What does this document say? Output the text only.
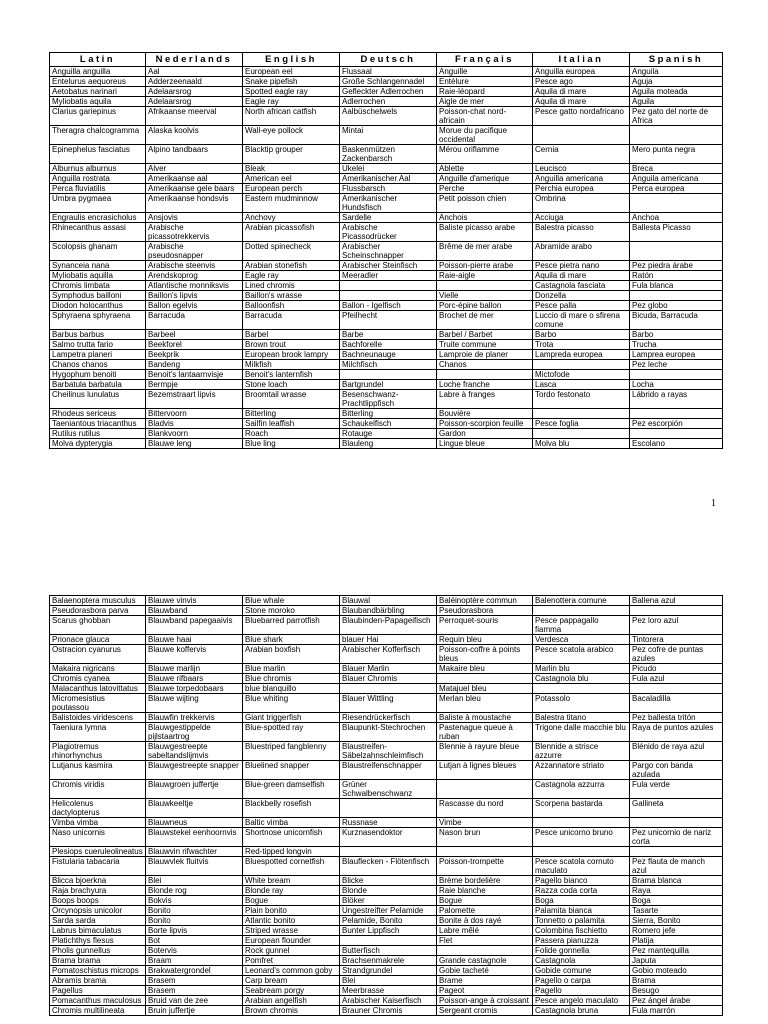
Latin	Nederlands	English	Deutsch	Français	Italian	Spanish
Anguilla anguilla	Aal	European eel	Flussaal	Anguille	Anguilla europea	Anguila
Entelurus aequoreus	Adderzeenaald	Snake pipefish	Große Schlangennadel	Entélure	Pesce ago	Aguja
Aetobatus narinari	Adelaarsrog	Spotted eagle ray	Gefleckter Adlerrochen	Raie-léopard	Aquila di mare	Aguila moteada
Myliobatis aquila	Adelaarsrog	Eagle ray	Adlerrochen	Aigle de mer	Aquila di mare	Aguila
Clarius gariepinus	Afrikaanse meerval	North african catfish	Aalbüschelwels	Poisson-chat nord- africain	Pesce gatto nordafricano	Pez gato del norte de Africa
Theragra chalcogramma	Alaska koolvis	Wall-eye pollock	Mintai	Morue du pacifique occidental		
Epinephelus fasciatus	Alpino tandbaars	Blacktip grouper	Baskenmützen Zackenbarsch	Mérou oriflamme	Cernia	Mero punta negra
Alburnus alburnus	Alver	Bleak	Ukelei	Ablette	Leucisco	Breca
Anguilla rostrata	Amerikaanse aal	American eel	Amerikanischer Aal	Anguille d'amerique	Anguilla americana	Anguila americana
Perca fluviatilis	Amerikaanse gele baars	European perch	Flussbarsch	Perche	Perchia europea	Perca europea
Umbra pygmaea	Amerikaanse hondsvis	Eastern mudminnow	Amerikanischer Hundsfisch	Petit poisson chien	Ombrina	
Engraulis encrasicholus	Ansjovis	Anchovy	Sardelle	Anchois	Acciuga	Anchoa
Rhinecanthus assasi	Arabische picassotrekkervis	Arabian picassofish	Arabische Picassodrücker	Baliste picasso arabe	Balestra picasso	Ballesta Picasso
Scolopsis ghanam	Arabische pseudosnapper	Dotted spinecheck	Arabischer Scheinschnapper	Brême de mer arabe	Abramide arabo	
Synanceia nana	Arabische steenvis	Arabian stonefish	Arabischer Steinfisch	Poisson-pierre arabe	Pesce pietra nano	Pez piedra árabe
Myliobatis aquilla	Arendskoprog	Eagle ray	Meeradler	Raie-aigle	Aquila di mare	Ratón
Chromis limbata	Atlantische monniksvis	Lined chromis			Castagnola fasciata	Fula blanca
Symphodus bailloni	Baillon's lipvis	Baillon's wrasse		Vielle	Donzella	
Diodon holocanthus	Ballon egelvis	Balloonfish	Ballon - Igelfisch	Porc-épine ballon	Pesce palla	Pez globo
Sphyraena sphyraena	Barracuda	Barracuda	Pfeilhecht	Brochet de mer	Luccio di mare o sfirena comune	Bicuda, Barracuda
Barbus barbus	Barbeel	Barbel	Barbe	Barbel / Barbet	Barbo	Barbo
Salmo trutta fario	Beekforel	Brown trout	Bachforelle	Truite commune	Trota	Trucha
Lampetra planeri	Beekprik	European brook lampry	Bachneunauge	Lamproie de planer	Lampreda europea	Lamprea europea
Chanos chanos	Bandeng	Milkfish	Milchfisch	Chanos		Pez leche
Hygophum benoiti	Benoit's lantaarnvisje	Benoit's lanternfish			Mictofode	
Barbatula barbatula	Bermpje	Stone loach	Bartgrundel	Loche franche	Lasca	Locha
Cheilinus lunulatus	Bezemstraart lipvis	Broomtail wrasse	Besenschwanz- Prachtlippfisch	Labre à franges	Tordo festonato	Lábrido a rayas
Rhodeus sericeus	Bittervoorn	Bitterling	Bitterling	Bouvière		
Taeniantous triacanthus	Bladvis	Sailfin leaffish	Schaukelfisch	Poisson-scorpion feuille	Pesce foglia	Pez escorpión
Rutilus rutilus	Blankvoorn	Roach	Rotauge	Gardon		
Molva dypterygia	Blauwe leng	Blue ling	Blauleng	Lingue bleue	Molva blu	Escolano
1
Balaenoptera musculus	Blauwe vinvis	Blue whale	Blauwal	Baléinoptère commun	Balenottera comune	Ballena azul
Pseudorasbora parva	Blauwband	Stone moroko	Blaubandbärbling	Pseudorasbora		
Scarus ghobban	Blauwband papegaaivis	Bluebarred parrotfish	Blaubinden-Papageifisch	Perroquet-souris	Pesce pappagallo fiamma	Pez loro azul
Prionace glauca	Blauwe haai	Blue shark	blauer Hai	Requin bleu	Verdesca	Tintorera
Ostracion cyanurus	Blauwe koffervis	Arabian boxfish	Arabischer Kofferfisch	Poisson-coffre à points bleus	Pesce scatola arabico	Pez cofre de puntas azules
Makaira nigricans	Blauwe marlijn	Blue marlin	Blauer Marlin	Makaire bleu	Marlin blu	Picudo
Chromis cyanea	Blauwe rifbaars	Blue chromis	Blauer Chromis		Castagnola blu	Fula azul
Malacanthus latovittatus	Blauwe torpedobaars	blue blanquillo		Matajuel bleu		
Micromesistius poutassou	Blauwe wijting	Blue whiting	Blauer Wittling	Merlan bleu	Potassolo	Bacaladilla
Balistoides viridescens	Blauwfin trekkervis	Giant triggerfish	Riesendrückerfisch	Baliste à moustache	Balestra titano	Pez ballesta tritón
Taeniura lymna	Blauwgestippelde pijlstaartrog	Blue-spotted ray	Blaupunkt-Stechrochen	Pastenague queue à ruban	Trigone dalle macchie blu	Raya de puntos azules
Plagiotremus rhinorhynchus	Blauwgestreepte sabeltandslijmvis	Bluestriped fangblenny	Blaustreifen- Säbelzahnschleimfisch	Blennie à rayure bleue	Blennide a strisce azzurre	Blénido de raya azul
Lutjanus kasmira	Blauwgestreepte snapper	Bluelined snapper	Blaustreifenschnapper	Lutjan à lignes bleues	Azzannatore striato	Pargo con banda azulada
Chromis viridis	Blauwgroen juffertje	Blue-green damselfish	Grüner Schwalbenschwanz		Castagnola azzurra	Fula verde
Helicolenus dactylopterus	Blauwkeeltje	Blackbelly rosefish		Rascasse du nord	Scorpena bastarda	Gallineta
Vimba vimba	Blauwneus	Baltic vimba	Russnase	Vimbe		
Naso unicornis	Blauwstekel eenhoornvis	Shortnose unicornfish	Kurznasendoktor	Nason brun	Pesce unicorno bruno	Pez unicornio de nariz corta
Plesiops cueruleolineatus	Blauwvin rifwachter	Red-tipped longvin				
Fistularia tabacaria	Blauwvlek fluitvis	Bluespotted cornetfish	Blauflecken - Flötenfisch	Poisson-trompette	Pesce scatola cornuto maculato	Pez flauta de manch azul
Blicca bjoerkna	Blei	White bream	Blicke	Brème bordelière	Pagello bianco	Brama blanca
Raja brachyura	Blonde rog	Blonde ray	Blonde	Raie blanche	Razza coda corta	Raya
Boops boops	Bokvis	Bogue	Blöker	Bogue	Boga	Boga
Orcynopsis unicolor	Bonito	Plain bonito	Ungestreifter Pelamide	Palomette	Palamita bianca	Tasarte
Sarda sarda	Bonito	Atlantic bonito	Pelamide, Bonito	Bonite à dos rayé	Tonnetto o palamita	Sierra, Bonito
Labrus bimaculatus	Borte lipvis	Striped wrasse	Bunter Lippfisch	Labre mêlé	Colombina fischietto	Romero jefe
Platichthys flesus	Bot	European flounder		Flet	Passera pianuzza	Platija
Pholis gunnellus	Botervis	Rock gunnel	Butterfisch		Folide gonnella	Pez mantequilla
Brama brama	Braam	Pomfret	Brachsenmakrele	Grande castagnole	Castagnola	Japuta
Pomatoschistus microps	Brakwatergrondel	Leonard's common goby	Strandgrundel	Gobie tacheté	Gobide comune	Gobio moteado
Abramis brama	Brasem	Carp bream	Blei	Brame	Pagello o carpa	Brama
Pagellus	Brasem	Seabream porgy	Meerbrasse	Pageot	Pagello	Besugo
Pomacanthus maculosus	Bruid van de zee	Arabian angelfish	Arabischer Kaiserfisch	Poisson-ange à croissant	Pesce angelo maculato	Pez ángel árabe
Chromis multilineata	Bruin juffertje	Brown chromis	Brauner Chromis	Sergeant cromis	Castagnola bruna	Fula marrón
